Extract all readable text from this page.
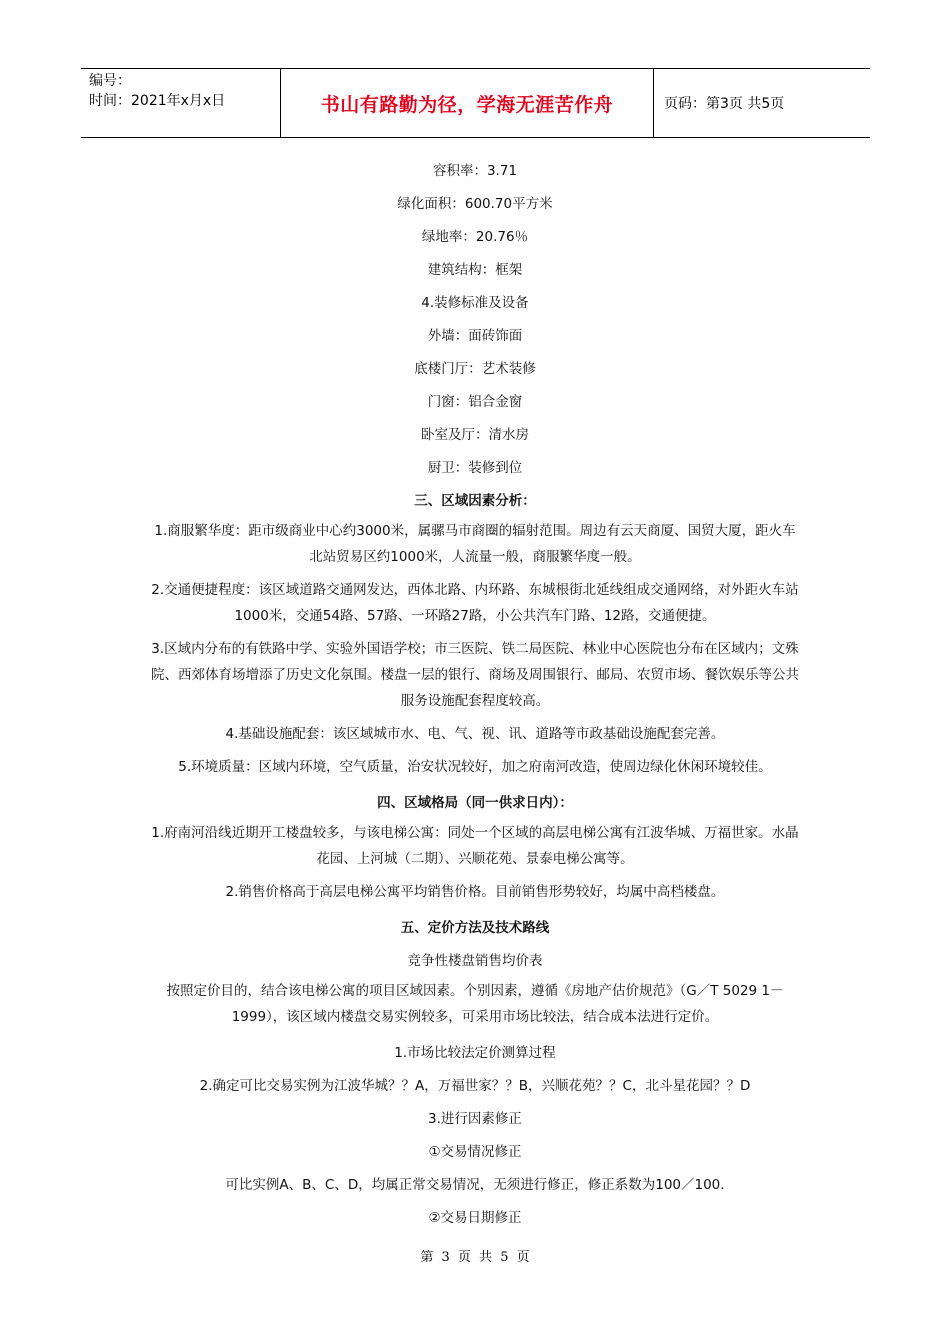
编号：
时间：2021年x月x日	书山有路勤为径，学海无涯苦作舟	页码：第3页 共5页

容积率：3.71

绿化面积：600.70平方米

绿地率：20.76％

建筑结构：框架

4.装修标准及设备

外墙：面砖饰面

底楼门厅：艺术装修

门窗：铝合金窗

卧室及厅：清水房

厨卫：装修到位

三、区域因素分析：

1.商服繁华度：距市级商业中心约3000米，属骡马市商圈的辐射范围。周边有云天商厦、国贸大厦，距火车北站贸易区约1000米，人流量一般，商服繁华度一般。

2.交通便捷程度：该区域道路交通网发达，西体北路、内环路、东城根街北延线组成交通网络，对外距火车站1000米，交通54路、57路、一环路27路，小公共汽车门路、12路，交通便捷。

3.区域内分布的有铁路中学、实验外国语学校；市三医院、铁二局医院、林业中心医院也分布在区域内；文殊院、西郊体育场增添了历史文化氛围。楼盘一层的银行、商场及周围银行、邮局、农贸市场、餐饮娱乐等公共服务设施配套程度较高。

4.基础设施配套：该区域城市水、电、气、视、讯、道路等市政基础设施配套完善。

5.环境质量：区域内环境，空气质量，治安状况较好，加之府南河改造，使周边绿化休闲环境较佳。

四、区域格局（同一供求日内）：

1.府南河沿线近期开工楼盘较多，与该电梯公寓：同处一个区域的高层电梯公寓有江波华城、万福世家。水晶花园、上河城（二期）、兴顺花苑、景泰电梯公寓等。

2.销售价格高于高层电梯公寓平均销售价格。目前销售形势较好，均属中高档楼盘。

五、定价方法及技术路线

竞争性楼盘销售均价表

按照定价目的，结合该电梯公寓的项目区域因素。个别因素，遵循《房地产估价规范》（G／T 5029 1－1999），该区域内楼盘交易实例较多，可采用市场比较法，结合成本法进行定价。

1.市场比较法定价测算过程

2.确定可比交易实例为江波华城？？A，万福世家？？B，兴顺花苑？？C，北斗星花园？？D

3.进行因素修正

①交易情况修正

可比实例A、B、C、D，均属正常交易情况，无须进行修正，修正系数为100／100.

②交易日期修正

第 3 页 共 5 页
